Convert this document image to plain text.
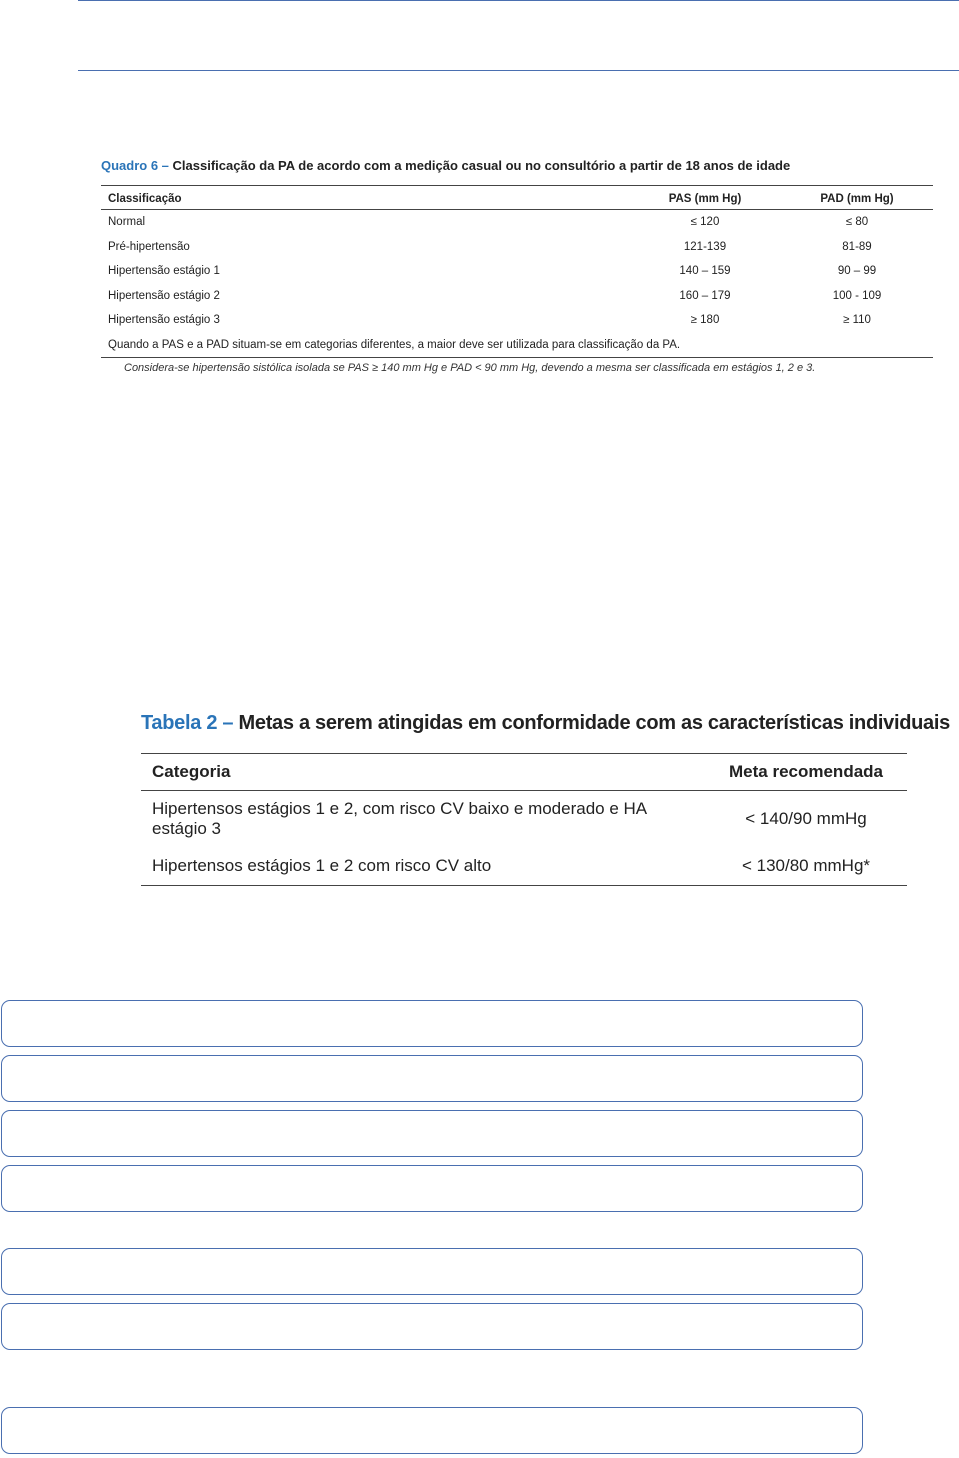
Quadro 6 – Classificação da PA de acordo com a medição casual ou no consultório a partir de 18 anos de idade
Classificação	PAS (mm Hg)	PAD (mm Hg)
Normal	≤ 120	≤ 80
Pré-hipertensão	121-139	81-89
Hipertensão estágio 1	140 – 159	90 – 99
Hipertensão estágio 2	160 – 179	100 - 109
Hipertensão estágio 3	≥ 180	≥ 110
Quando a PAS e a PAD situam-se em categorias diferentes, a maior deve ser utilizada para classificação da PA.		
Considera-se hipertensão sistólica isolada se PAS ≥ 140 mm Hg e PAD < 90 mm Hg, devendo a mesma ser classificada em estágios 1, 2 e 3.
Tabela 2 – Metas a serem atingidas em conformidade com as características individuais
Categoria	Meta recomendada
Hipertensos estágios 1 e 2, com risco CV baixo e moderado e HA estágio 3	< 140/90 mmHg
Hipertensos estágios 1 e 2 com risco CV alto	< 130/80 mmHg*
